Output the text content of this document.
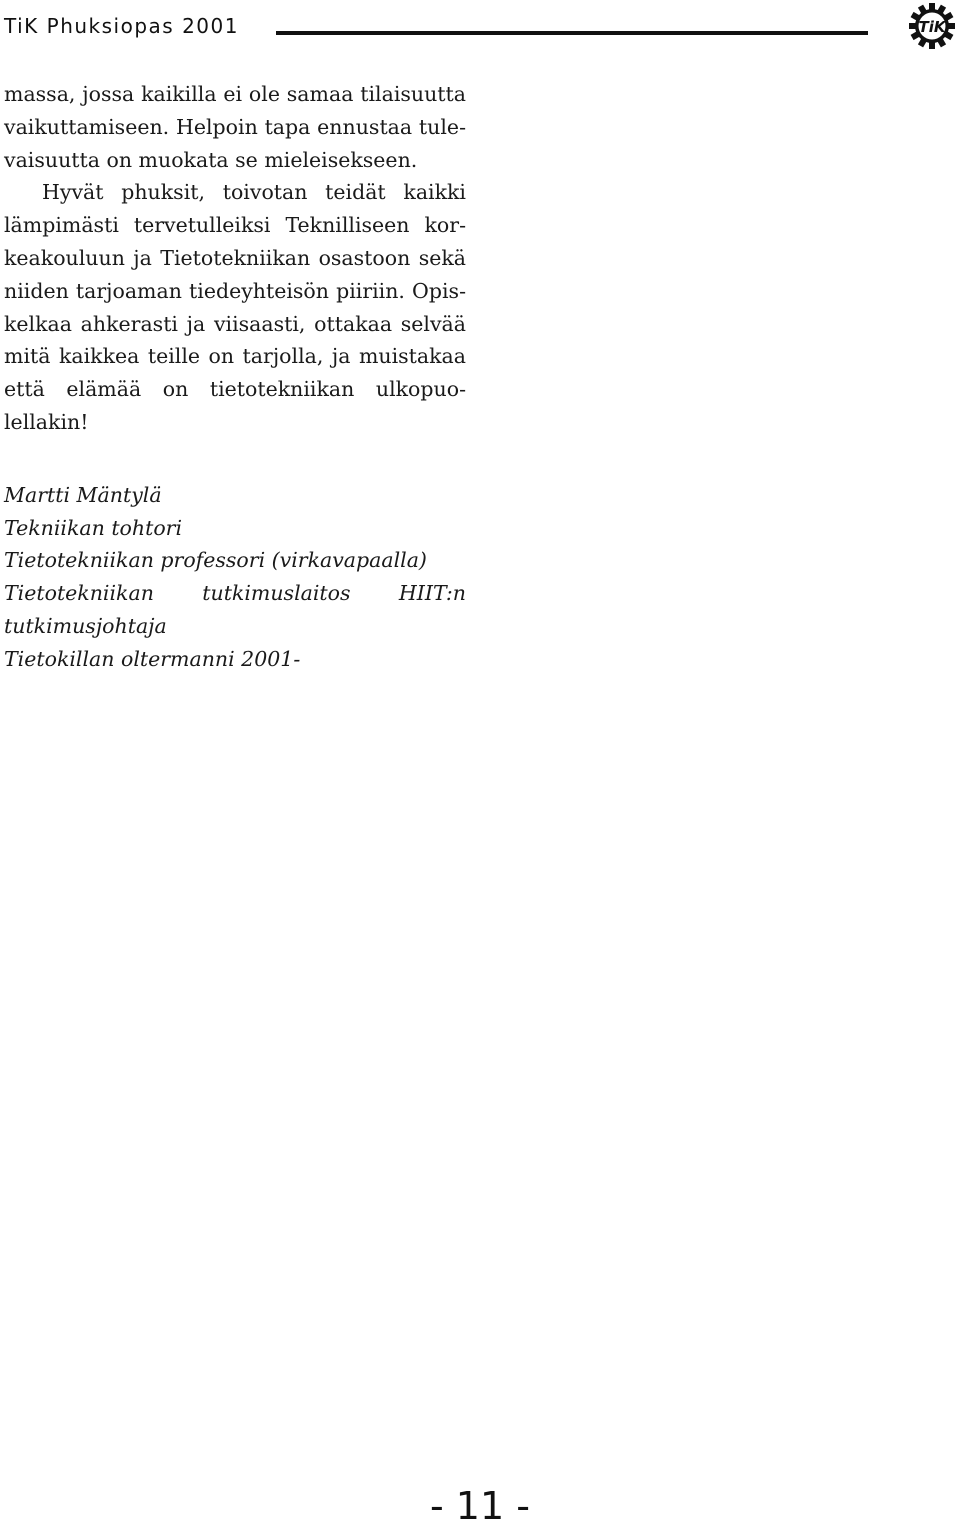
TiK Phuksiopas 2001	TiK

massa, jossa kaikilla ei ole samaa tilaisuutta vaikuttamiseen. Helpoin tapa ennustaa tulevaisuutta on muokata se mieleisekseen.

Hyvät phuksit, toivotan teidät kaikki lämpimästi tervetulleiksi Teknilliseen korkeakouluun ja Tietotekniikan osastoon sekä niiden tarjoaman tiedeyhteisön piiriin. Opiskelkaa ahkerasti ja viisaasti, ottakaa selvää mitä kaikkea teille on tarjolla, ja muistakaa että elämää on tietotekniikan ulkopuolellakin!

Martti Mäntylä
Tekniikan tohtori
Tietotekniikan professori (virkavapaalla)
Tietotekniikan tutkimuslaitos HIIT:n
tutkimusjohtaja
Tietokillan oltermanni 2001-
- 11 -
